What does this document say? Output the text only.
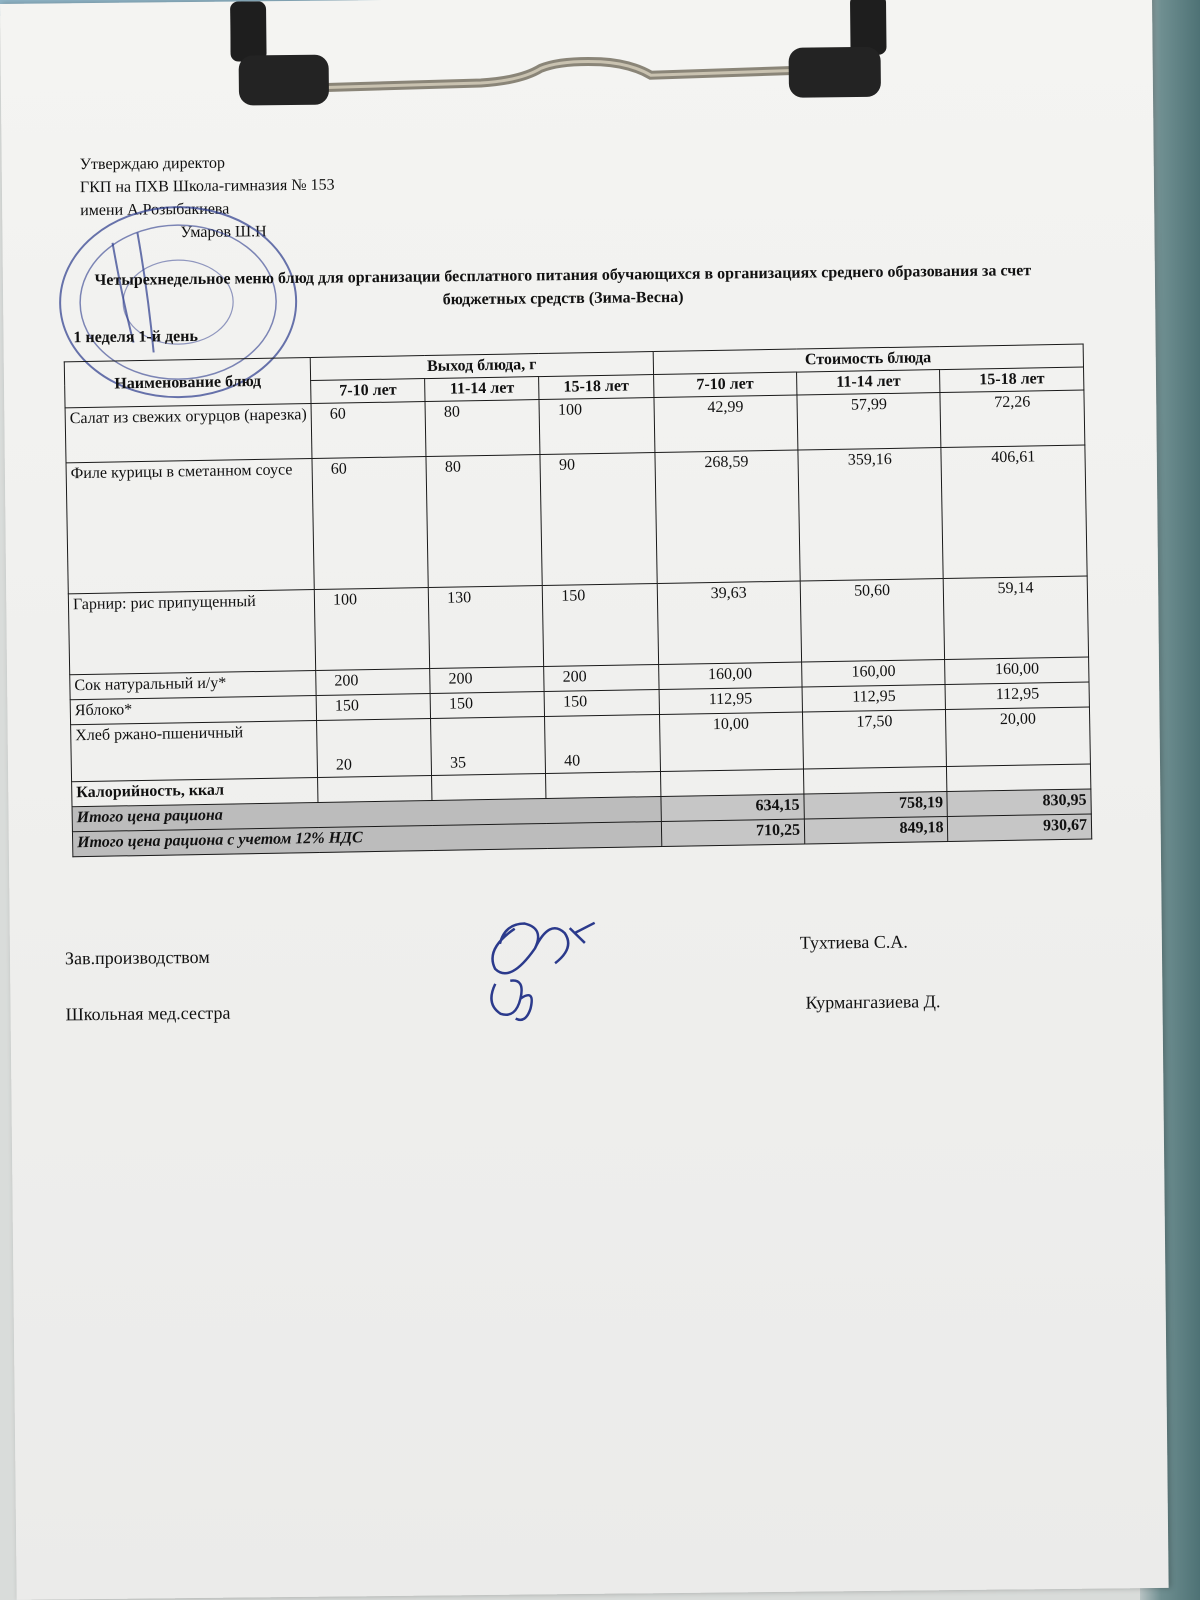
Утверждаю директор
ГКП на ПХВ Школа-гимназия № 153
имени А.Розыбакиева
Умаров Ш.Н
Четырехнедельное меню блюд для организации бесплатного питания обучающихся в организациях среднего образования за счет бюджетных средств (Зима-Весна)
1 неделя 1-й день
Наименование блюд	Выход блюда, г			Стоимость блюда		
	7-10 лет	11-14 лет	15-18 лет	7-10 лет	11-14 лет	15-18 лет
Салат из свежих огурцов (нарезка)	60	80	100	42,99	57,99	72,26
Филе курицы в сметанном соусе	60	80	90	268,59	359,16	406,61
Гарнир: рис припущенный	100	130	150	39,63	50,60	59,14
Сок натуральный и/у*	200	200	200	160,00	160,00	160,00
Яблоко*	150	150	150	112,95	112,95	112,95
Хлеб ржано-пшеничный	20	35	40	10,00	17,50	20,00
Калорийность, ккал						
Итого цена рациона				634,15	758,19	830,95
Итого цена рациона с учетом 12% НДС				710,25	849,18	930,67
Зав.производством
Тухтиева С.А.
Школьная мед.сестра
Курмангазиева Д.
